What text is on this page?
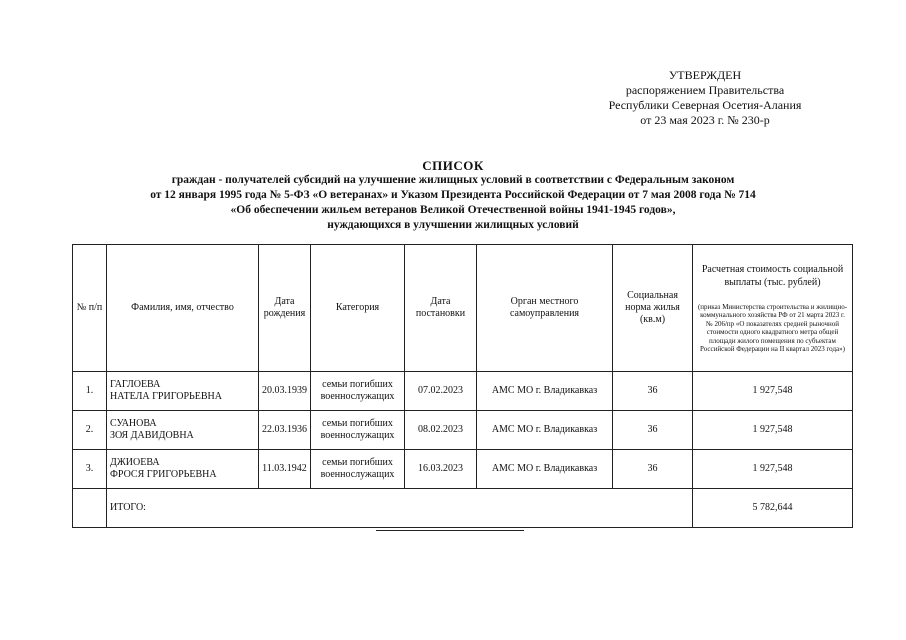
УТВЕРЖДЕН
распоряжением Правительства
Республики Северная Осетия-Алания
от 23 мая 2023 г. № 230-р
СПИСОК
граждан - получателей субсидий на улучшение жилищных условий в соответствии с Федеральным законом
от 12 января 1995 года № 5-ФЗ «О ветеранах» и Указом Президента Российской Федерации от 7 мая 2008 года № 714
«Об обеспечении жильем ветеранов Великой Отечественной войны 1941-1945 годов»,
нуждающихся в улучшении жилищных условий
№ п/п	Фамилия, имя, отчество	Дата рождения	Категория	Дата постановки	Орган местного самоуправления	Социальная норма жилья (кв.м)	Расчетная стоимость социальной выплаты (тыс. рублей)
(приказ Министерства строительства и жилищно-коммунального хозяйства РФ от 21 марта 2023 г. № 206/пр «О показателях средней рыночной стоимости одного квадратного метра общей площади жилого помещения по субъектам Российской Федерации на II квартал 2023 года»)

1.	ГАГЛОЕВА
НАТЕЛА ГРИГОРЬЕВНА	20.03.1939	семьи погибших военнослужащих	07.02.2023	АМС МО г. Владикавказ	36	1 927,548
2.	СУАНОВА
ЗОЯ ДАВИДОВНА	22.03.1936	семьи погибших военнослужащих	08.02.2023	АМС МО г. Владикавказ	36	1 927,548
3.	ДЖИОЕВА
ФРОСЯ ГРИГОРЬЕВНА	11.03.1942	семьи погибших военнослужащих	16.03.2023	АМС МО г. Владикавказ	36	1 927,548
	ИТОГО:						5 782,644
